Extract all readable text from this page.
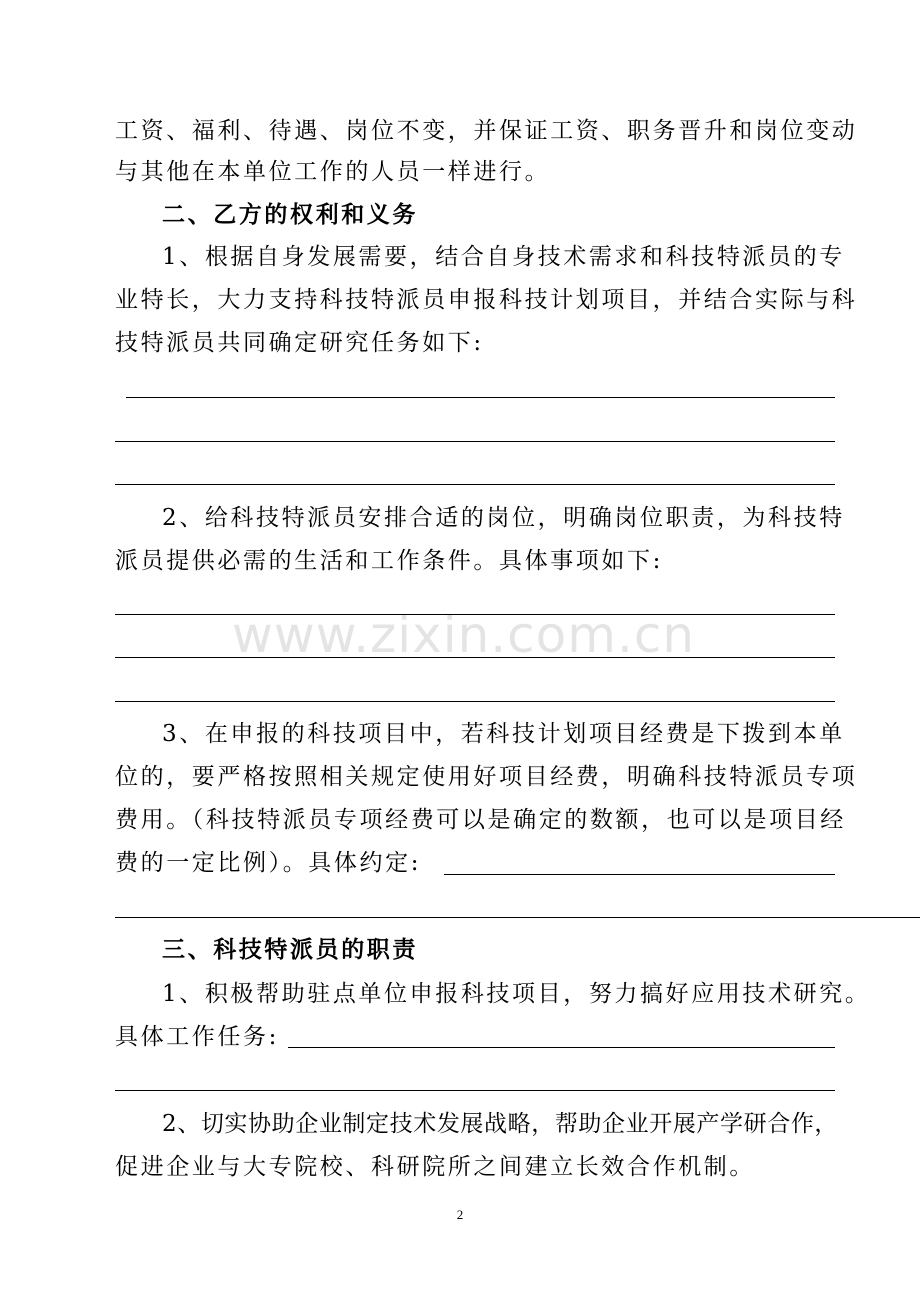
工资、福利、待遇、岗位不变，并保证工资、职务晋升和岗位变动
与其他在本单位工作的人员一样进行。
二、乙方的权利和义务
1、根据自身发展需要，结合自身技术需求和科技特派员的专
业特长，大力支持科技特派员申报科技计划项目，并结合实际与科
技特派员共同确定研究任务如下:
2、给科技特派员安排合适的岗位，明确岗位职责，为科技特
派员提供必需的生活和工作条件。具体事项如下:
www.zixin.com.cn
3、在申报的科技项目中，若科技计划项目经费是下拨到本单
位的，要严格按照相关规定使用好项目经费，明确科技特派员专项
费用。（科技特派员专项经费可以是确定的数额，也可以是项目经
费的一定比例）。具体约定:
三、科技特派员的职责
1、积极帮助驻点单位申报科技项目，努力搞好应用技术研究。
具体工作任务:
2、切实协助企业制定技术发展战略，帮助企业开展产学研合作，
促进企业与大专院校、科研院所之间建立长效合作机制。
2
